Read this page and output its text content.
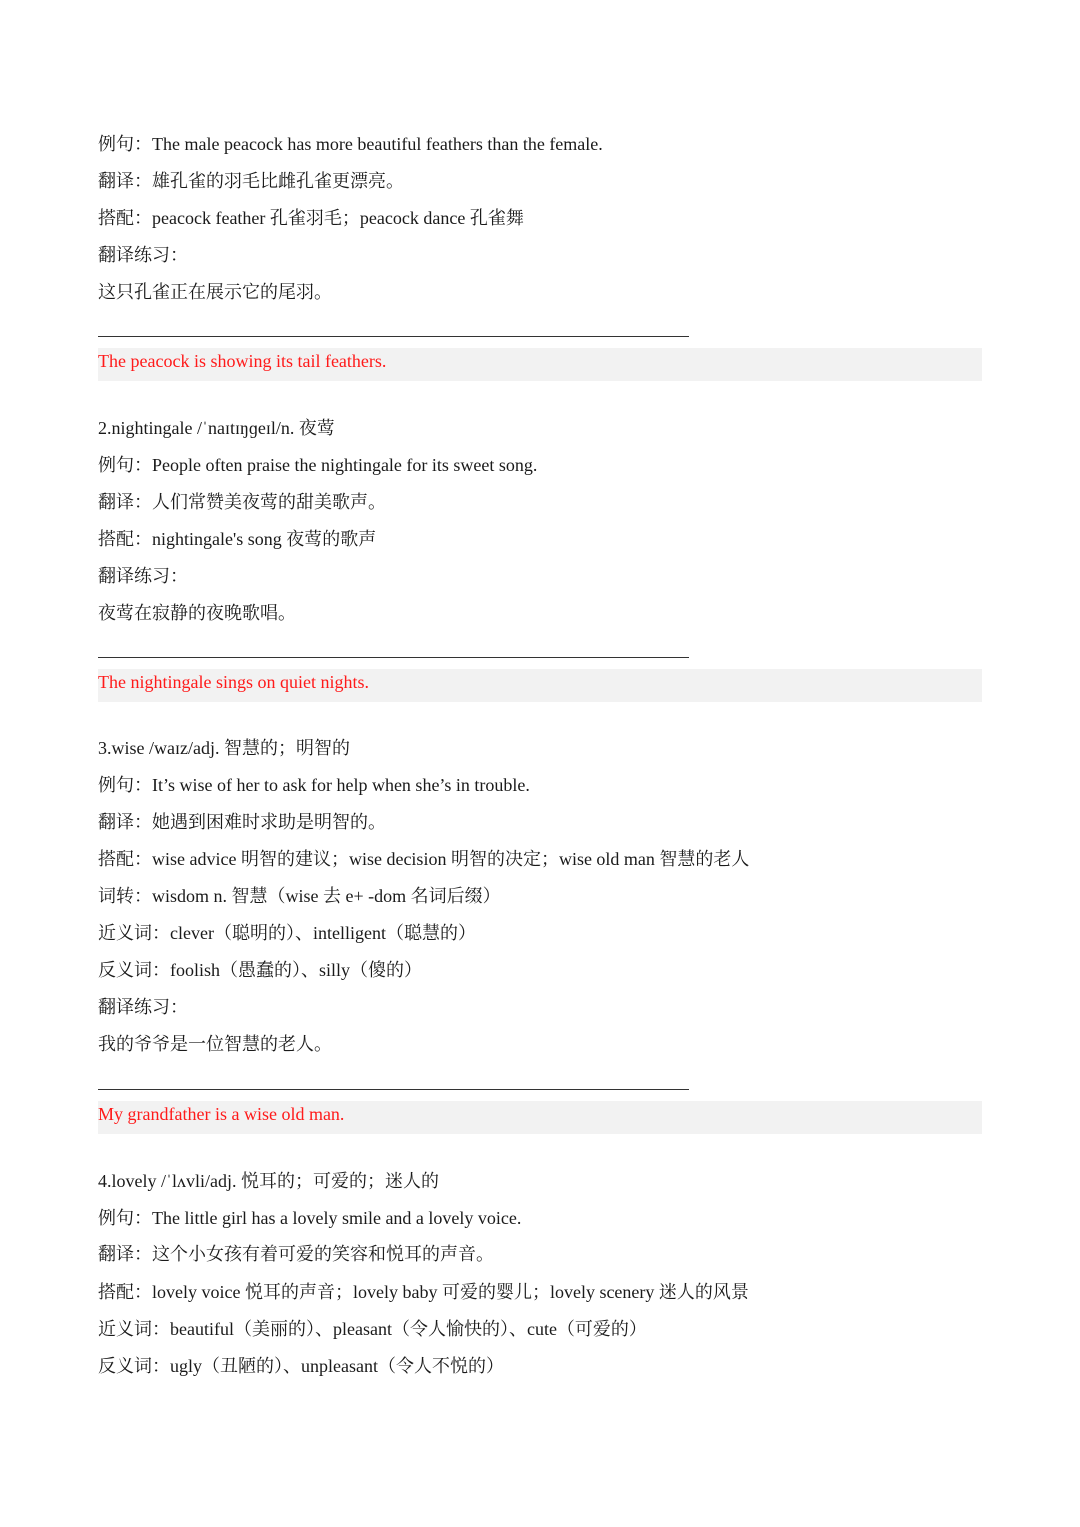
例句：The male peacock has more beautiful feathers than the female.
翻译：雄孔雀的羽毛比雌孔雀更漂亮。
搭配：peacock feather 孔雀羽毛；peacock dance 孔雀舞
翻译练习：
这只孔雀正在展示它的尾羽。
The peacock is showing its tail feathers.
2.nightingale /ˈnaɪtɪŋɡeɪl/n. 夜莺
例句：People often praise the nightingale for its sweet song.
翻译：人们常赞美夜莺的甜美歌声。
搭配：nightingale's song 夜莺的歌声
翻译练习：
夜莺在寂静的夜晚歌唱。
The nightingale sings on quiet nights.
3.wise /waɪz/adj. 智慧的；明智的
例句：It’s wise of her to ask for help when she’s in trouble.
翻译：她遇到困难时求助是明智的。
搭配：wise advice 明智的建议；wise decision 明智的决定；wise old man 智慧的老人
词转：wisdom n. 智慧（wise 去 e+ -dom 名词后缀）
近义词：clever（聪明的）、intelligent（聪慧的）
反义词：foolish（愚蠢的）、silly（傻的）
翻译练习：
我的爷爷是一位智慧的老人。
My grandfather is a wise old man.
4.lovely /ˈlʌvli/adj. 悦耳的；可爱的；迷人的
例句：The little girl has a lovely smile and a lovely voice.
翻译：这个小女孩有着可爱的笑容和悦耳的声音。
搭配：lovely voice 悦耳的声音；lovely baby 可爱的婴儿；lovely scenery 迷人的风景
近义词：beautiful（美丽的）、pleasant（令人愉快的）、cute（可爱的）
反义词：ugly（丑陋的）、unpleasant（令人不悦的）
